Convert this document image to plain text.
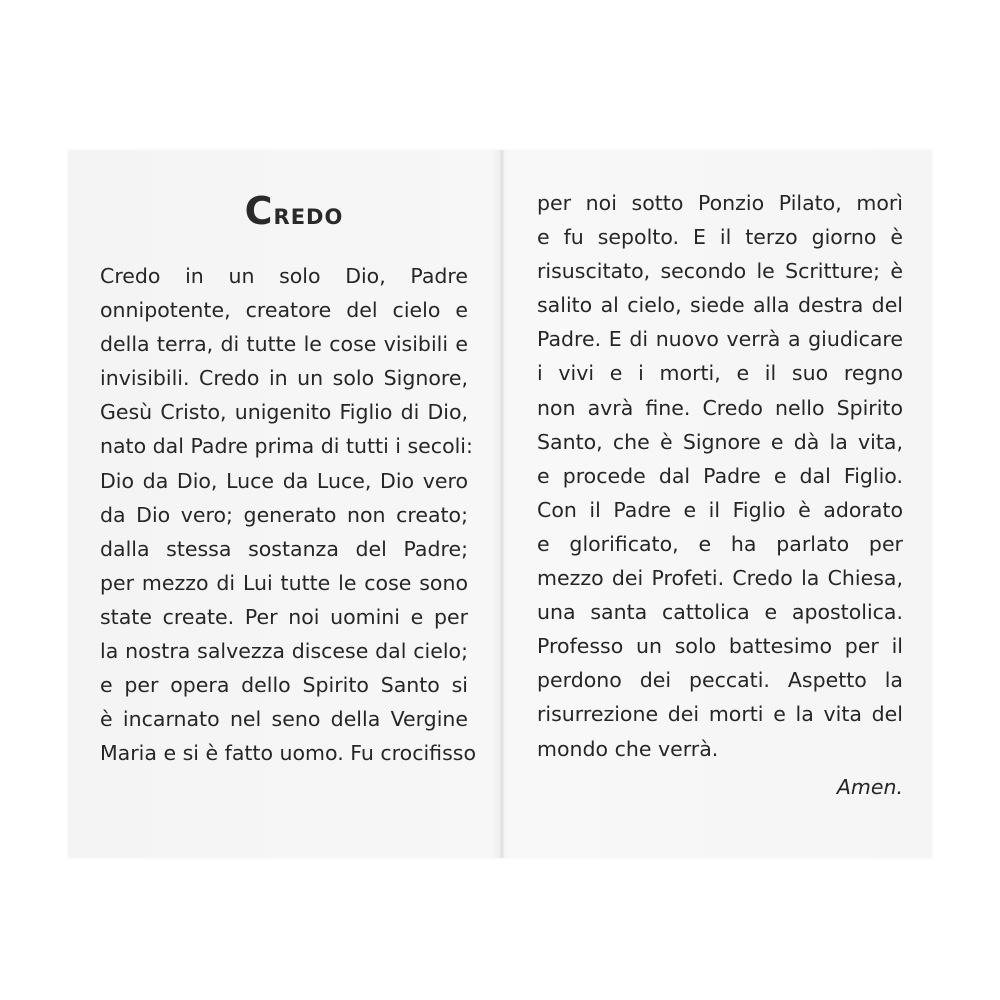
Credo
Credo in un solo Dio, Padre
onnipotente, creatore del cielo e
della terra, di tutte le cose visibili e
invisibili. Credo in un solo Signore,
Gesù Cristo, unigenito Figlio di Dio,
nato dal Padre prima di tutti i secoli:
Dio da Dio, Luce da Luce, Dio vero
da Dio vero; generato non creato;
dalla stessa sostanza del Padre;
per mezzo di Lui tutte le cose sono
state create. Per noi uomini e per
la nostra salvezza discese dal cielo;
e per opera dello Spirito Santo si
è incarnato nel seno della Vergine
Maria e si è fatto uomo. Fu crocifisso
per noi sotto Ponzio Pilato, morì
e fu sepolto. E il terzo giorno è
risuscitato, secondo le Scritture; è
salito al cielo, siede alla destra del
Padre. E di nuovo verrà a giudicare
i vivi e i morti, e il suo regno
non avrà fine. Credo nello Spirito
Santo, che è Signore e dà la vita,
e procede dal Padre e dal Figlio.
Con il Padre e il Figlio è adorato
e glorificato, e ha parlato per
mezzo dei Profeti. Credo la Chiesa,
una santa cattolica e apostolica.
Professo un solo battesimo per il
perdono dei peccati. Aspetto la
risurrezione dei morti e la vita del
mondo che verrà.
Amen.
